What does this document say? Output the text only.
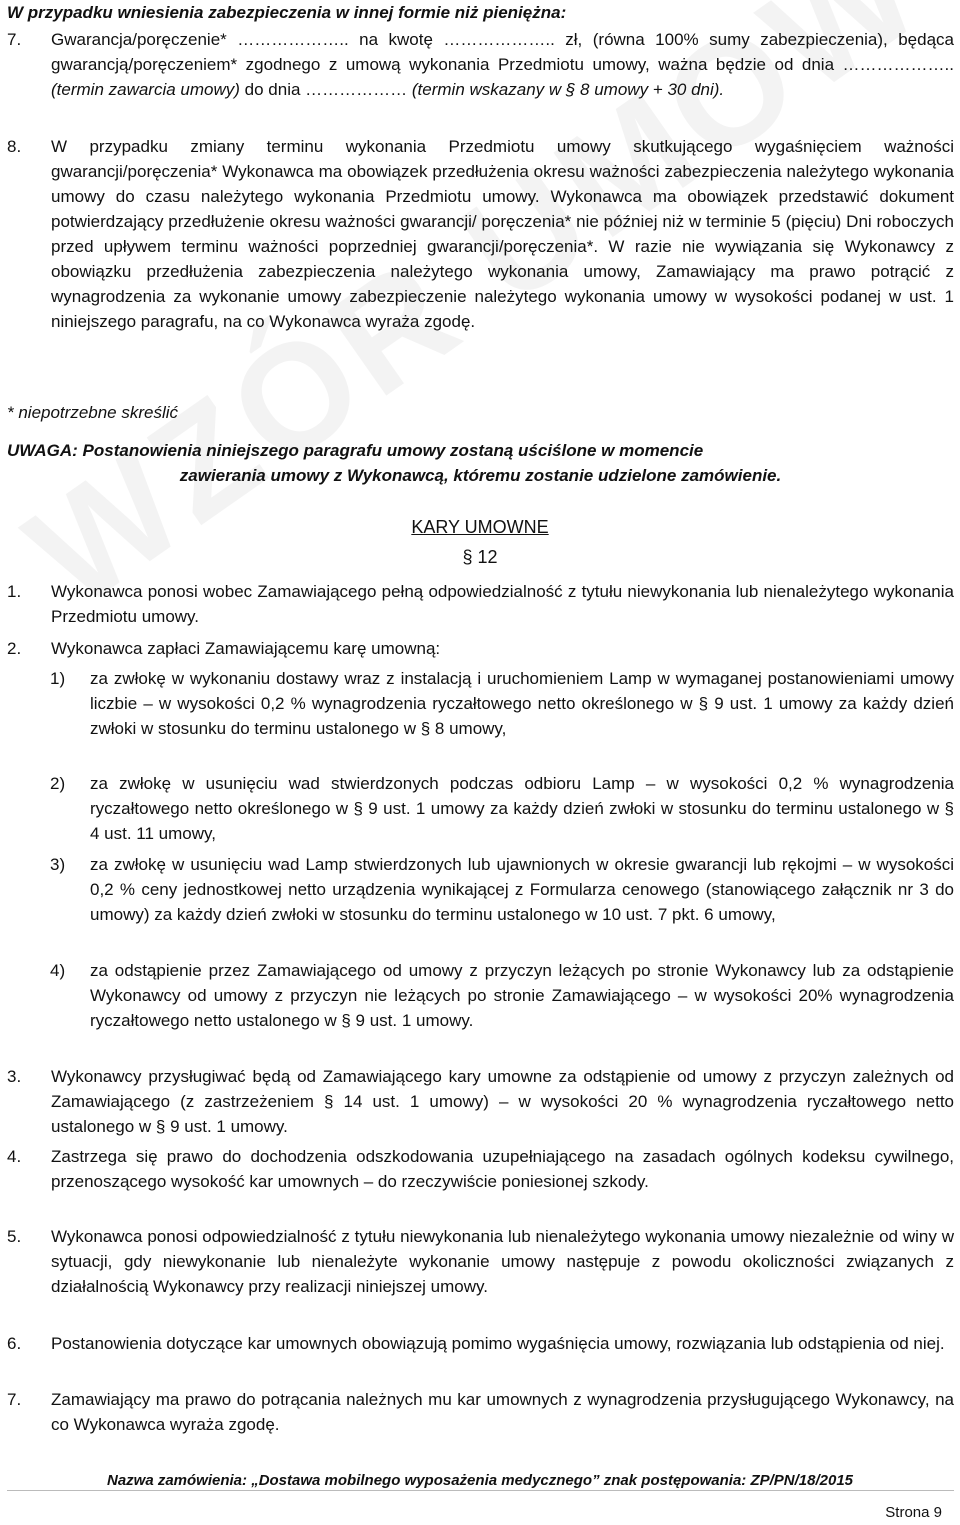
W przypadku wniesienia zabezpieczenia w innej formie niż pieniężna:
7. Gwarancja/poręczenie* ……………….. na kwotę ……………….. zł, (równa 100% sumy zabezpieczenia), będąca gwarancją/poręczeniem* zgodnego z umową wykonania Przedmiotu umowy, ważna będzie od dnia ……………….. (termin zawarcia umowy) do dnia ……………… (termin wskazany w § 8 umowy + 30 dni).
8. W przypadku zmiany terminu wykonania Przedmiotu umowy skutkującego wygaśnięciem ważności gwarancji/poręczenia* Wykonawca ma obowiązek przedłużenia okresu ważności zabezpieczenia należytego wykonania umowy do czasu należytego wykonania Przedmiotu umowy. Wykonawca ma obowiązek przedstawić dokument potwierdzający przedłużenie okresu ważności gwarancji/ poręczenia* nie później niż w terminie 5 (pięciu) Dni roboczych przed upływem terminu ważności poprzedniej gwarancji/poręczenia*. W razie nie wywiązania się Wykonawcy z obowiązku przedłużenia zabezpieczenia należytego wykonania umowy, Zamawiający ma prawo potrącić z wynagrodzenia za wykonanie umowy zabezpieczenie należytego wykonania umowy w wysokości podanej w ust. 1 niniejszego paragrafu, na co Wykonawca wyraża zgodę.
* niepotrzebne skreślić
UWAGA: Postanowienia niniejszego paragrafu umowy zostaną uściślone w momencie
zawierania umowy z Wykonawcą, któremu zostanie udzielone zamówienie.
KARY UMOWNE
§ 12
1. Wykonawca ponosi wobec Zamawiającego pełną odpowiedzialność z tytułu niewykonania lub nienależytego wykonania Przedmiotu umowy.
2. Wykonawca zapłaci Zamawiającemu karę umowną:
1) za zwłokę w wykonaniu dostawy wraz z instalacją i uruchomieniem Lamp w wymaganej postanowieniami umowy liczbie – w wysokości 0,2 % wynagrodzenia ryczałtowego netto określonego w § 9 ust. 1 umowy za każdy dzień zwłoki w stosunku do terminu ustalonego w § 8 umowy,
2) za zwłokę w usunięciu wad stwierdzonych podczas odbioru Lamp – w wysokości 0,2 % wynagrodzenia ryczałtowego netto określonego w § 9 ust. 1 umowy za każdy dzień zwłoki w stosunku do terminu ustalonego w § 4 ust. 11 umowy,
3) za zwłokę w usunięciu wad Lamp stwierdzonych lub ujawnionych w okresie gwarancji lub rękojmi – w wysokości 0,2 % ceny jednostkowej netto urządzenia wynikającej z Formularza cenowego (stanowiącego załącznik nr 3 do umowy) za każdy dzień zwłoki w stosunku do terminu ustalonego w 10 ust. 7 pkt. 6 umowy,
4) za odstąpienie przez Zamawiającego od umowy z przyczyn leżących po stronie Wykonawcy lub za odstąpienie Wykonawcy od umowy z przyczyn nie leżących po stronie Zamawiającego – w wysokości 20% wynagrodzenia ryczałtowego netto ustalonego w § 9 ust. 1 umowy.
3. Wykonawcy przysługiwać będą od Zamawiającego kary umowne za odstąpienie od umowy z przyczyn zależnych od Zamawiającego (z zastrzeżeniem § 14 ust. 1 umowy) – w wysokości 20 % wynagrodzenia ryczałtowego netto ustalonego w § 9 ust. 1 umowy.
4. Zastrzega się prawo do dochodzenia odszkodowania uzupełniającego na zasadach ogólnych kodeksu cywilnego, przenoszącego wysokość kar umownych – do rzeczywiście poniesionej szkody.
5. Wykonawca ponosi odpowiedzialność z tytułu niewykonania lub nienależytego wykonania umowy niezależnie od winy w sytuacji, gdy niewykonanie lub nienależyte wykonanie umowy następuje z powodu okoliczności związanych z działalnością Wykonawcy przy realizacji niniejszej umowy.
6. Postanowienia dotyczące kar umownych obowiązują pomimo wygaśnięcia umowy, rozwiązania lub odstąpienia od niej.
7. Zamawiający ma prawo do potrącania należnych mu kar umownych z wynagrodzenia przysługującego Wykonawcy, na co Wykonawca wyraża zgodę.
Nazwa zamówienia: „Dostawa mobilnego wyposażenia medycznego” znak postępowania: ZP/PN/18/2015
Strona 9
